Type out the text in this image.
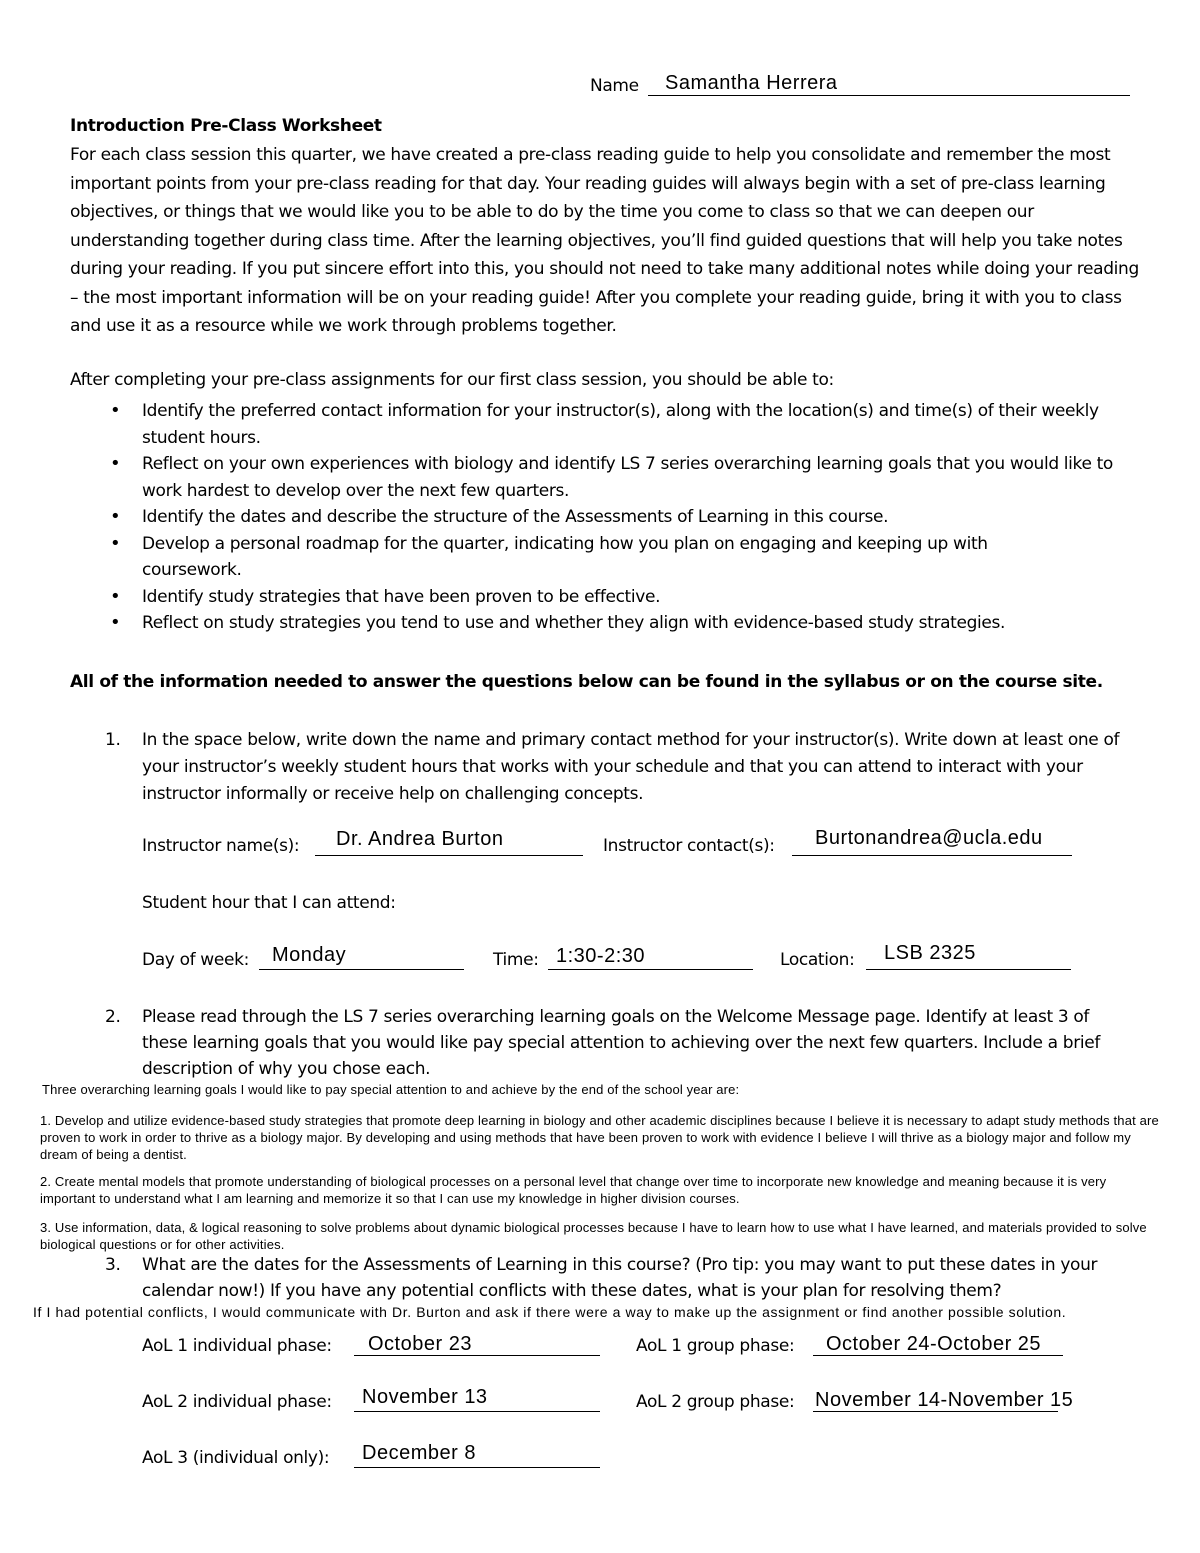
Name Samantha Herrera
Introduction Pre-Class Worksheet
For each class session this quarter, we have created a pre-class reading guide to help you consolidate and remember the most important points from your pre-class reading for that day. Your reading guides will always begin with a set of pre-class learning objectives, or things that we would like you to be able to do by the time you come to class so that we can deepen our understanding together during class time. After the learning objectives, you’ll find guided questions that will help you take notes during your reading. If you put sincere effort into this, you should not need to take many additional notes while doing your reading – the most important information will be on your reading guide! After you complete your reading guide, bring it with you to class and use it as a resource while we work through problems together.
After completing your pre-class assignments for our first class session, you should be able to:
• Identify the preferred contact information for your instructor(s), along with the location(s) and time(s) of their weekly student hours.
• Reflect on your own experiences with biology and identify LS 7 series overarching learning goals that you would like to work hardest to develop over the next few quarters.
• Identify the dates and describe the structure of the Assessments of Learning in this course.
• Develop a personal roadmap for the quarter, indicating how you plan on engaging and keeping up with coursework.
• Identify study strategies that have been proven to be effective.
• Reflect on study strategies you tend to use and whether they align with evidence-based study strategies.
All of the information needed to answer the questions below can be found in the syllabus or on the course site.
1. In the space below, write down the name and primary contact method for your instructor(s). Write down at least one of your instructor’s weekly student hours that works with your schedule and that you can attend to interact with your instructor informally or receive help on challenging concepts.
Instructor name(s): Dr. Andrea Burton	Instructor contact(s): Burtonandrea@ucla.edu
Student hour that I can attend:
Day of week: Monday	Time: 1:30-2:30	Location: LSB 2325
2. Please read through the LS 7 series overarching learning goals on the Welcome Message page. Identify at least 3 of these learning goals that you would like pay special attention to achieving over the next few quarters. Include a brief description of why you chose each.
Three overarching learning goals I would like to pay special attention to and achieve by the end of the school year are:
1. Develop and utilize evidence-based study strategies that promote deep learning in biology and other academic disciplines because I believe it is necessary to adapt study methods that are proven to work in order to thrive as a biology major. By developing and using methods that have been proven to work with evidence I believe I will thrive as a biology major and follow my dream of being a dentist.
2. Create mental models that promote understanding of biological processes on a personal level that change over time to incorporate new knowledge and meaning because it is very important to understand what I am learning and memorize it so that I can use my knowledge in higher division courses.
3. Use information, data, & logical reasoning to solve problems about dynamic biological processes because I have to learn how to use what I have learned, and materials provided to solve biological questions or for other activities.
3. What are the dates for the Assessments of Learning in this course? (Pro tip: you may want to put these dates in your calendar now!) If you have any potential conflicts with these dates, what is your plan for resolving them?
If I had potential conflicts, I would communicate with Dr. Burton and ask if there were a way to make up the assignment or find another possible solution.
AoL 1 individual phase: October 23	AoL 1 group phase: October 24-October 25
AoL 2 individual phase: November 13	AoL 2 group phase: November 14-November 15
AoL 3 (individual only): December 8
